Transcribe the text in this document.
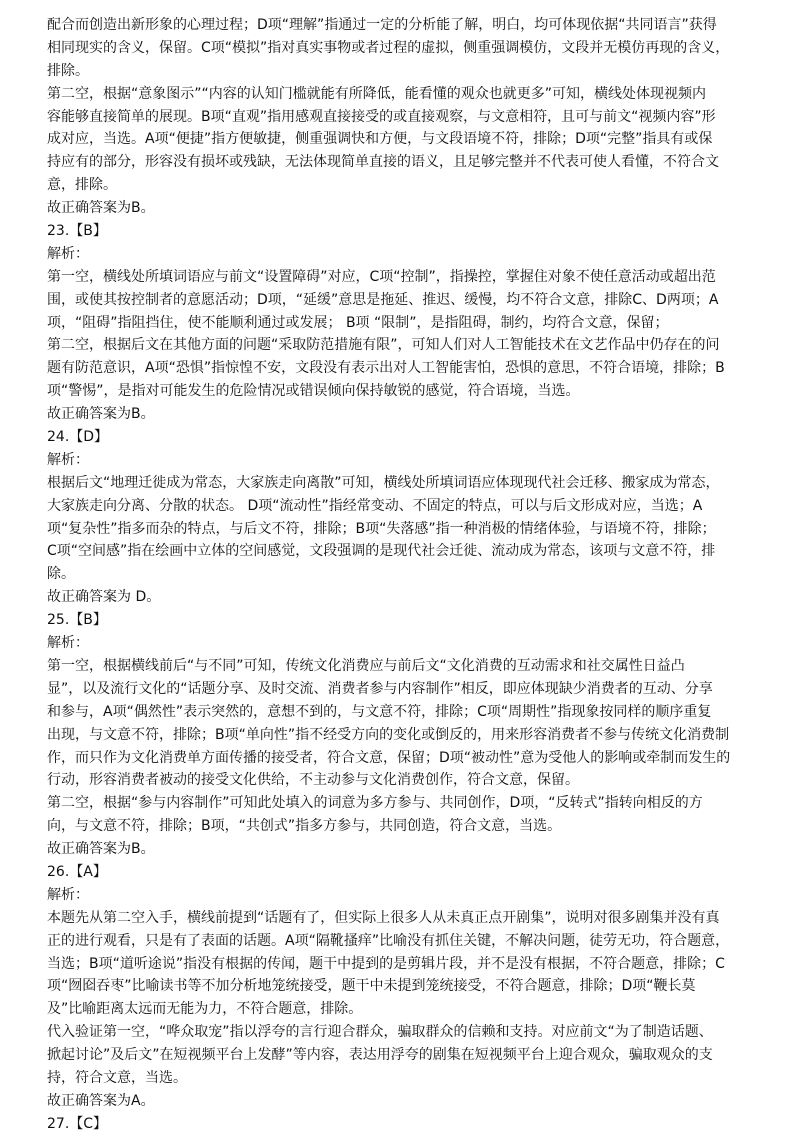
配合而创造出新形象的心理过程；D项“理解”指通过一定的分析能了解，明白，均可体现依据“共同语言”获得
相同现实的含义，保留。C项“模拟”指对真实事物或者过程的虚拟，侧重强调模仿，文段并无模仿再现的含义，
排除。
第二空，根据“意象图示”“内容的认知门槛就能有所降低，能看懂的观众也就更多”可知，横线处体现视频内
容能够直接简单的展现。B项“直观”指用感观直接接受的或直接观察，与文意相符，且可与前文“视频内容”形
成对应，当选。A项“便捷”指方便敏捷，侧重强调快和方便，与文段语境不符，排除；D项“完整”指具有或保
持应有的部分，形容没有损坏或残缺，无法体现简单直接的语义，且足够完整并不代表可使人看懂，不符合文
意，排除。
故正确答案为B。
23.【B】
解析：
第一空，横线处所填词语应与前文“设置障碍”对应，C项“控制”，指操控，掌握住对象不使任意活动或超出范
围，或使其按控制者的意愿活动；D项，“延缓”意思是拖延、推迟、缓慢，均不符合文意，排除C、D两项；A
项，“阻碍”指阻挡住，使不能顺利通过或发展； B项 “限制”，是指阻碍，制约，均符合文意，保留；
第二空，根据后文在其他方面的问题“采取防范措施有限”，可知人们对人工智能技术在文艺作品中仍存在的问
题有防范意识，A项“恐惧”指惊惶不安，文段没有表示出对人工智能害怕，恐惧的意思，不符合语境，排除；B
项“警惕”，是指对可能发生的危险情况或错误倾向保持敏锐的感觉，符合语境，当选。
故正确答案为B。
24.【D】
解析：
根据后文“地理迁徙成为常态，大家族走向离散”可知，横线处所填词语应体现现代社会迁移、搬家成为常态，
大家族走向分离、分散的状态。 D项“流动性”指经常变动、不固定的特点，可以与后文形成对应，当选；A
项“复杂性”指多而杂的特点，与后文不符，排除；B项“失落感”指一种消极的情绪体验，与语境不符，排除；
C项“空间感”指在绘画中立体的空间感觉，文段强调的是现代社会迁徙、流动成为常态，该项与文意不符，排
除。
故正确答案为 D。
25.【B】
解析：
第一空，根据横线前后“与不同”可知，传统文化消费应与前后文“文化消费的互动需求和社交属性日益凸
显”，以及流行文化的“话题分享、及时交流、消费者参与内容制作”相反，即应体现缺少消费者的互动、分享
和参与，A项“偶然性”表示突然的，意想不到的，与文意不符，排除；C项“周期性”指现象按同样的顺序重复
出现，与文意不符，排除；B项“单向性”指不经受方向的变化或倒反的，用来形容消费者不参与传统文化消费制
作，而只作为文化消费单方面传播的接受者，符合文意，保留；D项“被动性”意为受他人的影响或牵制而发生的
行动，形容消费者被动的接受文化供给，不主动参与文化消费创作，符合文意，保留。
第二空，根据“参与内容制作”可知此处填入的词意为多方参与、共同创作，D项，“反转式”指转向相反的方
向，与文意不符，排除；B项，“共创式”指多方参与，共同创造，符合文意，当选。
故正确答案为B。
26.【A】
解析：
本题先从第二空入手，横线前提到“话题有了，但实际上很多人从未真正点开剧集”，说明对很多剧集并没有真
正的进行观看，只是有了表面的话题。A项“隔靴搔痒”比喻没有抓住关键，不解决问题，徒劳无功，符合题意，
当选；B项“道听途说”指没有根据的传闻，题干中提到的是剪辑片段，并不是没有根据，不符合题意，排除；C
项“囫囵吞枣”比喻读书等不加分析地笼统接受，题干中未提到笼统接受，不符合题意，排除；D项“鞭长莫
及”比喻距离太远而无能为力，不符合题意，排除。
代入验证第一空，“哗众取宠”指以浮夸的言行迎合群众，骗取群众的信赖和支持。对应前文“为了制造话题、
掀起讨论”及后文”在短视频平台上发酵”等内容，表达用浮夸的剧集在短视频平台上迎合观众，骗取观众的支
持，符合文意，当选。
故正确答案为A。
27.【C】
